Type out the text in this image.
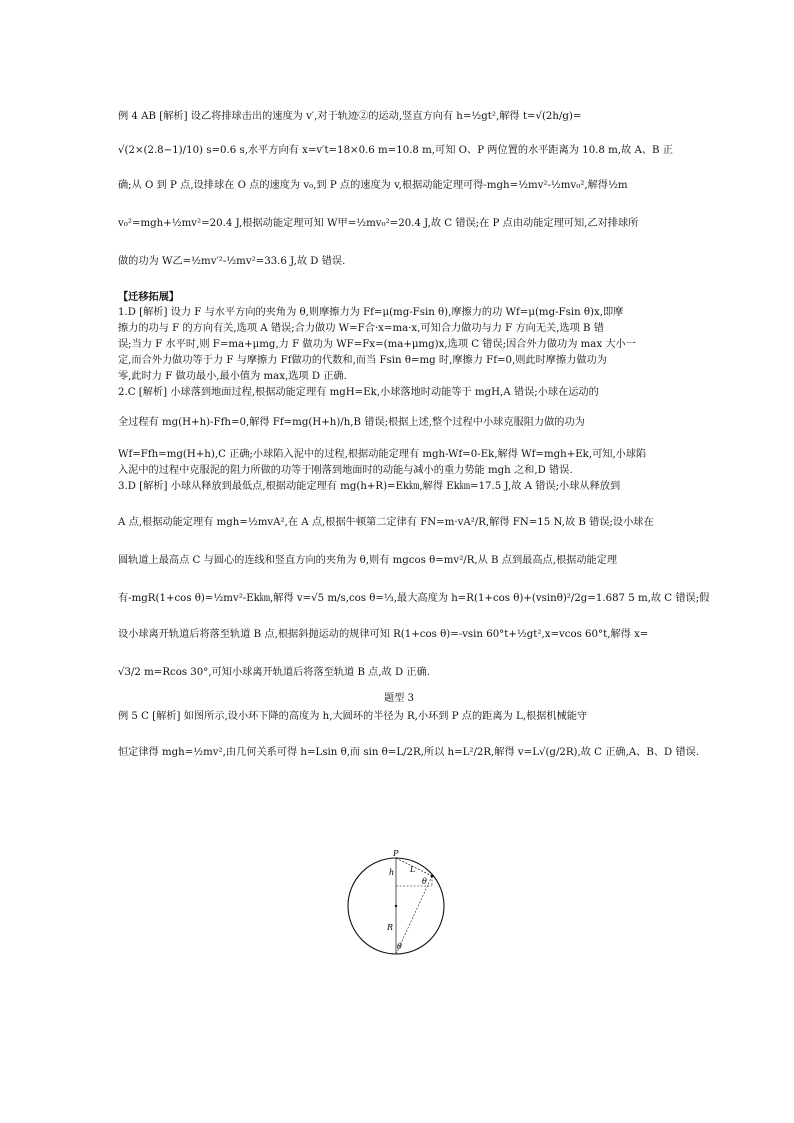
例 4 AB [解析] 设乙将排球击出的速度为 v′,对于轨迹②的运动,竖直方向有 h=½gt²,解得 t=√(2h/g)=
√(2×(2.8−1)/10) s=0.6 s,水平方向有 x=v′t=18×0.6 m=10.8 m,可知 O、P 两位置的水平距离为 10.8 m,故 A、B 正
确;从 O 到 P 点,设排球在 O 点的速度为 v₀,到 P 点的速度为 v,根据动能定理可得-mgh=½mv²-½mv₀²,解得½m
v₀²=mgh+½mv²=20.4 J,根据动能定理可知 W甲=½mv₀²=20.4 J,故 C 错误;在 P 点由动能定理可知,乙对排球所
做的功为 W乙=½mv′²-½mv²=33.6 J,故 D 错误.
【迁移拓展】
1.D [解析] 设力 F 与水平方向的夹角为 θ,则摩擦力为 Ff=μ(mg-Fsin θ),摩擦力的功 Wf=μ(mg-Fsin θ)x,即摩
擦力的功与 F 的方向有关,选项 A 错误;合力做功 W=F合·x=ma·x,可知合力做功与力 F 方向无关,选项 B 错
误;当力 F 水平时,则 F=ma+μmg,力 F 做功为 WF=Fx=(ma+μmg)x,选项 C 错误;因合外力做功为 max 大小一
定,而合外力做功等于力 F 与摩擦力 Ff做功的代数和,而当 Fsin θ=mg 时,摩擦力 Ff=0,则此时摩擦力做功为
零,此时力 F 做功最小,最小值为 max,选项 D 正确.
2.C [解析] 小球落到地面过程,根据动能定理有 mgH=Ek,小球落地时动能等于 mgH,A 错误;小球在运动的
全过程有 mg(H+h)-Ffh=0,解得 Ff=mg(H+h)/h,B 错误;根据上述,整个过程中小球克服阻力做的功为
Wf=Ffh=mg(H+h),C 正确;小球陷入泥中的过程,根据动能定理有 mgh-Wf=0-Ek,解得 Wf=mgh+Ek,可知,小球陷
入泥中的过程中克服泥的阻力所做的功等于刚落到地面时的动能与减小的重力势能 mgh 之和,D 错误.
3.D [解析] 小球从释放到最低点,根据动能定理有 mg(h+R)=Ek㎞,解得 Ek㎞=17.5 J,故 A 错误;小球从释放到
A 点,根据动能定理有 mgh=½mvA²,在 A 点,根据牛顿第二定律有 FN=m·vA²/R,解得 FN=15 N,故 B 错误;设小球在
圆轨道上最高点 C 与圆心的连线和竖直方向的夹角为 θ,则有 mgcos θ=mv²/R,从 B 点到最高点,根据动能定理
有-mgR(1+cos θ)=½mv²-Ek㎞,解得 v=√5 m/s,cos θ=⅓,最大高度为 h=R(1+cos θ)+(vsinθ)²/2g=1.687 5 m,故 C 错误;假
设小球离开轨道后将落至轨道 B 点,根据斜抛运动的规律可知 R(1+cos θ)=-vsin 60°t+½gt²,x=vcos 60°t,解得 x=
√3/2 m=Rcos 30°,可知小球离开轨道后将落至轨道 B 点,故 D 正确.
题型 3
例 5 C [解析] 如图所示,设小环下降的高度为 h,大圆环的半径为 R,小环到 P 点的距离为 L,根据机械能守
恒定律得 mgh=½mv²,由几何关系可得 h=Lsin θ,而 sin θ=L/2R,所以 h=L²/2R,解得 v=L√(g/2R),故 C 正确,A、B、D 错误.
P
h L
θ
R
θ
